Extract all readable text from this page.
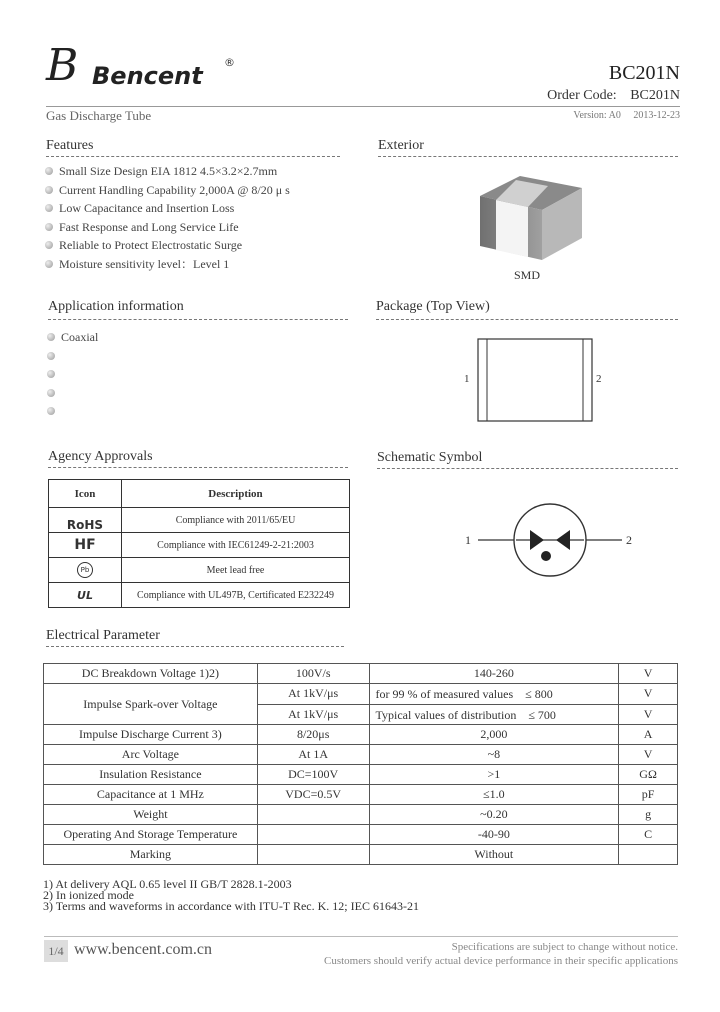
B Bencent ®	BC201N
Order Code: BC201N
Gas Discharge Tube	Version: A0 2013-12-23
Features
Small Size Design EIA 1812 4.5×3.2×2.7mm
Current Handling Capability 2,000A @ 8/20 μ s
Low Capacitance and Insertion Loss
Fast Response and Long Service Life
Reliable to Protect Electrostatic Surge
Moisture sensitivity level：Level 1
Exterior
SMD
Application information
Coaxial
Package (Top View)
1	2
Agency Approvals
Icon	Description
RoHS	Compliance with 2011/65/EU
HF	Compliance with IEC61249-2-21:2003
Pb	Meet lead free
UL	Compliance with UL497B, Certificated E232249
Schematic Symbol
1	2
Electrical Parameter
DC Breakdown Voltage 1)2)	100V/s	140-260	V
Impulse Spark-over Voltage	At 1kV/μs	for 99 % of measured values　≤ 800	V
	At 1kV/μs	Typical values of distribution　≤ 700	V
Impulse Discharge Current 3)	8/20μs	2,000	A
Arc Voltage	At 1A	~8	V
Insulation Resistance	DC=100V	>1	GΩ
Capacitance at 1 MHz	VDC=0.5V	≤1.0	pF
Weight		~0.20	g
Operating And Storage Temperature		-40-90	C
Marking		Without	
1) At delivery AQL 0.65 level II GB/T 2828.1-2003
2) In ionized mode
3) Terms and waveforms in accordance with ITU-T Rec. K. 12; IEC 61643-21
1/4 www.bencent.com.cn	Specifications are subject to change without notice.
Customers should verify actual device performance in their specific applications
